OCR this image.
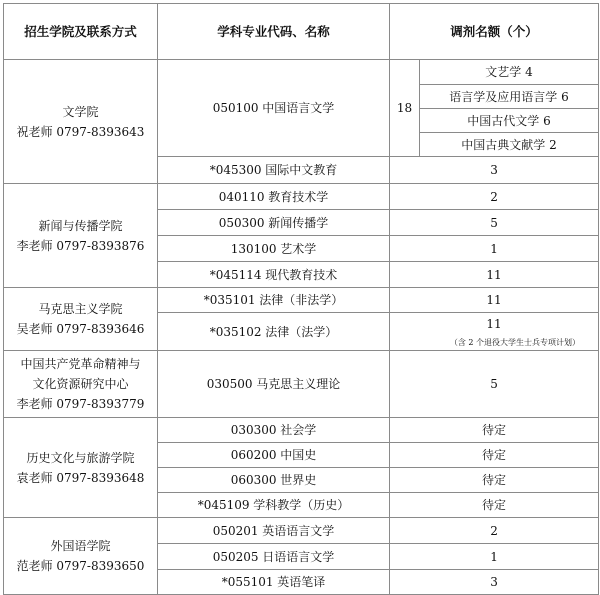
招生学院及联系方式	学科专业代码、名称	调剂名额（个）	

文学院
祝老师 0797-8393643	050100 中国语言文学	18	文艺学 4
			语言学及应用语言学 6
			中国古代文学 6
			中国古典文献学 2
	*045300 国际中文教育	3	

新闻与传播学院
李老师 0797-8393876	040110 教育技术学	2	
	050300 新闻传播学	5	
	130100 艺术学	1	
	*045114 现代教育技术	11	

马克思主义学院
吴老师 0797-8393646	*035101 法律（非法学）	11	
	*035102 法律（法学）	11
（含 2 个退役大学生士兵专项计划）	

中国共产党革命精神与
文化资源研究中心
李老师 0797-8393779	030500 马克思主义理论	5	

历史文化与旅游学院
袁老师 0797-8393648	030300 社会学	待定	
	060200 中国史	待定	
	060300 世界史	待定	
	*045109 学科教学（历史）	待定	

外国语学院
范老师 0797-8393650	050201 英语语言文学	2	
	050205 日语语言文学	1	
	*055101 英语笔译	3	
